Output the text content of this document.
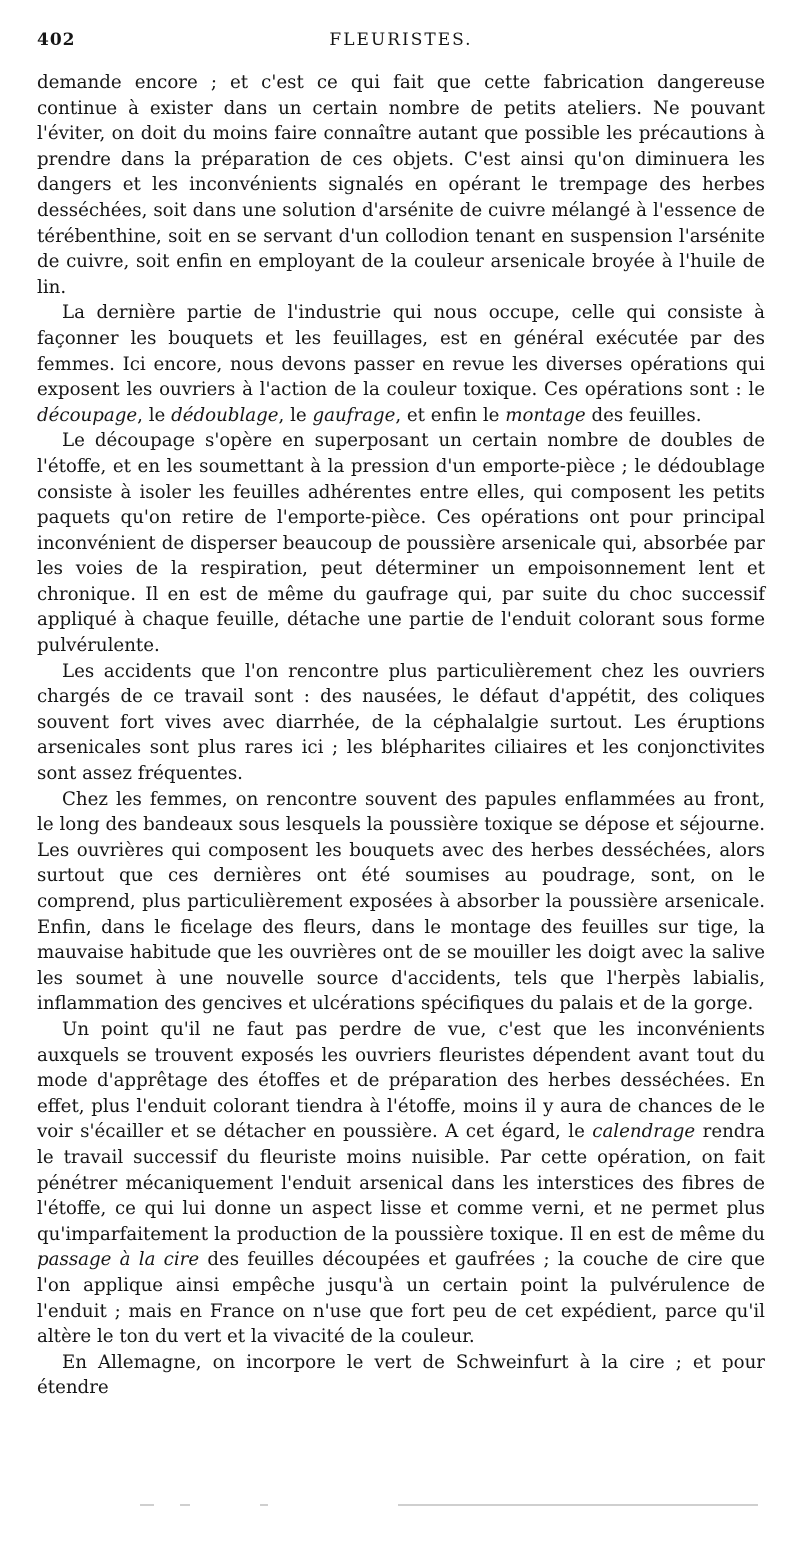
402	FLEURISTES.

demande encore ; et c'est ce qui fait que cette fabrication dangereuse continue à exister dans un certain nombre de petits ateliers. Ne pouvant l'éviter, on doit du moins faire connaître autant que possible les précautions à prendre dans la préparation de ces objets. C'est ainsi qu'on diminuera les dangers et les inconvénients signalés en opérant le trempage des herbes desséchées, soit dans une solution d'arsénite de cuivre mélangé à l'essence de térébenthine, soit en se servant d'un collodion tenant en suspension l'arsénite de cuivre, soit enfin en employant de la couleur arsenicale broyée à l'huile de lin.

La dernière partie de l'industrie qui nous occupe, celle qui consiste à façonner les bouquets et les feuillages, est en général exécutée par des femmes. Ici encore, nous devons passer en revue les diverses opérations qui exposent les ouvriers à l'action de la couleur toxique. Ces opérations sont : le découpage, le dédoublage, le gaufrage, et enfin le montage des feuilles.

Le découpage s'opère en superposant un certain nombre de doubles de l'étoffe, et en les soumettant à la pression d'un emporte-pièce ; le dédoublage consiste à isoler les feuilles adhérentes entre elles, qui composent les petits paquets qu'on retire de l'emporte-pièce. Ces opérations ont pour principal inconvénient de disperser beaucoup de poussière arsenicale qui, absorbée par les voies de la respiration, peut déterminer un empoisonnement lent et chronique. Il en est de même du gaufrage qui, par suite du choc successif appliqué à chaque feuille, détache une partie de l'enduit colorant sous forme pulvérulente.

Les accidents que l'on rencontre plus particulièrement chez les ouvriers chargés de ce travail sont : des nausées, le défaut d'appétit, des coliques souvent fort vives avec diarrhée, de la céphalalgie surtout. Les éruptions arsenicales sont plus rares ici ; les blépharites ciliaires et les conjonctivites sont assez fréquentes.

Chez les femmes, on rencontre souvent des papules enflammées au front, le long des bandeaux sous lesquels la poussière toxique se dépose et séjourne. Les ouvrières qui composent les bouquets avec des herbes desséchées, alors surtout que ces dernières ont été soumises au poudrage, sont, on le comprend, plus particulièrement exposées à absorber la poussière arsenicale. Enfin, dans le ficelage des fleurs, dans le montage des feuilles sur tige, la mauvaise habitude que les ouvrières ont de se mouiller les doigt avec la salive les soumet à une nouvelle source d'accidents, tels que l'herpès labialis, inflammation des gencives et ulcérations spécifiques du palais et de la gorge.

Un point qu'il ne faut pas perdre de vue, c'est que les inconvénients auxquels se trouvent exposés les ouvriers fleuristes dépendent avant tout du mode d'apprêtage des étoffes et de préparation des herbes desséchées. En effet, plus l'enduit colorant tiendra à l'étoffe, moins il y aura de chances de le voir s'écailler et se détacher en poussière. A cet égard, le calendrage rendra le travail successif du fleuriste moins nuisible. Par cette opération, on fait pénétrer mécaniquement l'enduit arsenical dans les interstices des fibres de l'étoffe, ce qui lui donne un aspect lisse et comme verni, et ne permet plus qu'imparfaitement la production de la poussière toxique. Il en est de même du passage à la cire des feuilles découpées et gaufrées ; la couche de cire que l'on applique ainsi empêche jusqu'à un certain point la pulvérulence de l'enduit ; mais en France on n'use que fort peu de cet expédient, parce qu'il altère le ton du vert et la vivacité de la couleur.

En Allemagne, on incorpore le vert de Schweinfurt à la cire ; et pour étendre
